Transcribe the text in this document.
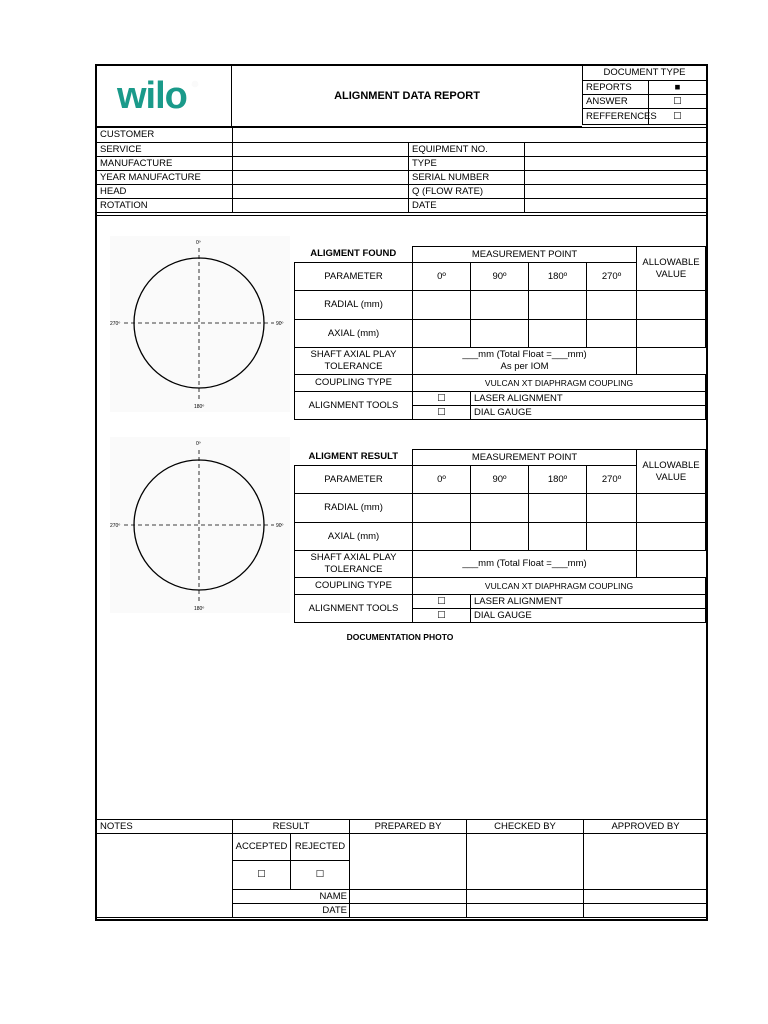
wilo	ALIGNMENT DATA REPORT
DOCUMENT TYPE	
REPORTS	■
ANSWER	☐
REFFERENCES	☐
CUSTOMER			
SERVICE		EQUIPMENT NO.	
MANUFACTURE		TYPE	
YEAR MANUFACTURE		SERIAL NUMBER	
HEAD		Q (FLOW RATE)	
ROTATION		DATE	
0º
90º
180º
270º
ALIGMENT FOUND	MEASUREMENT POINT				ALLOWABLE
VALUE
PARAMETER	0º	90º	180º	270º	
RADIAL (mm)					
AXIAL (mm)					
SHAFT AXIAL PLAY
TOLERANCE	___mm (Total Float =___mm)
As per IOM				
COUPLING TYPE	VULCAN XT DIAPHRAGM COUPLING				
ALIGNMENT TOOLS	☐	LASER ALIGNMENT			
	☐	DIAL GAUGE			
0º
90º
180º
270º
ALIGMENT RESULT	MEASUREMENT POINT				ALLOWABLE
VALUE
PARAMETER	0º	90º	180º	270º	
RADIAL (mm)					
AXIAL (mm)					
SHAFT AXIAL PLAY
TOLERANCE	___mm (Total Float =___mm)				
COUPLING TYPE	VULCAN XT DIAPHRAGM COUPLING				
ALIGNMENT TOOLS	☐	LASER ALIGNMENT			
	☐	DIAL GAUGE			
DOCUMENTATION PHOTO
NOTES	RESULT		PREPARED BY	CHECKED BY	APPROVED BY
	ACCEPTED	REJECTED			
	☐	☐			
	NAME				
	DATE				
